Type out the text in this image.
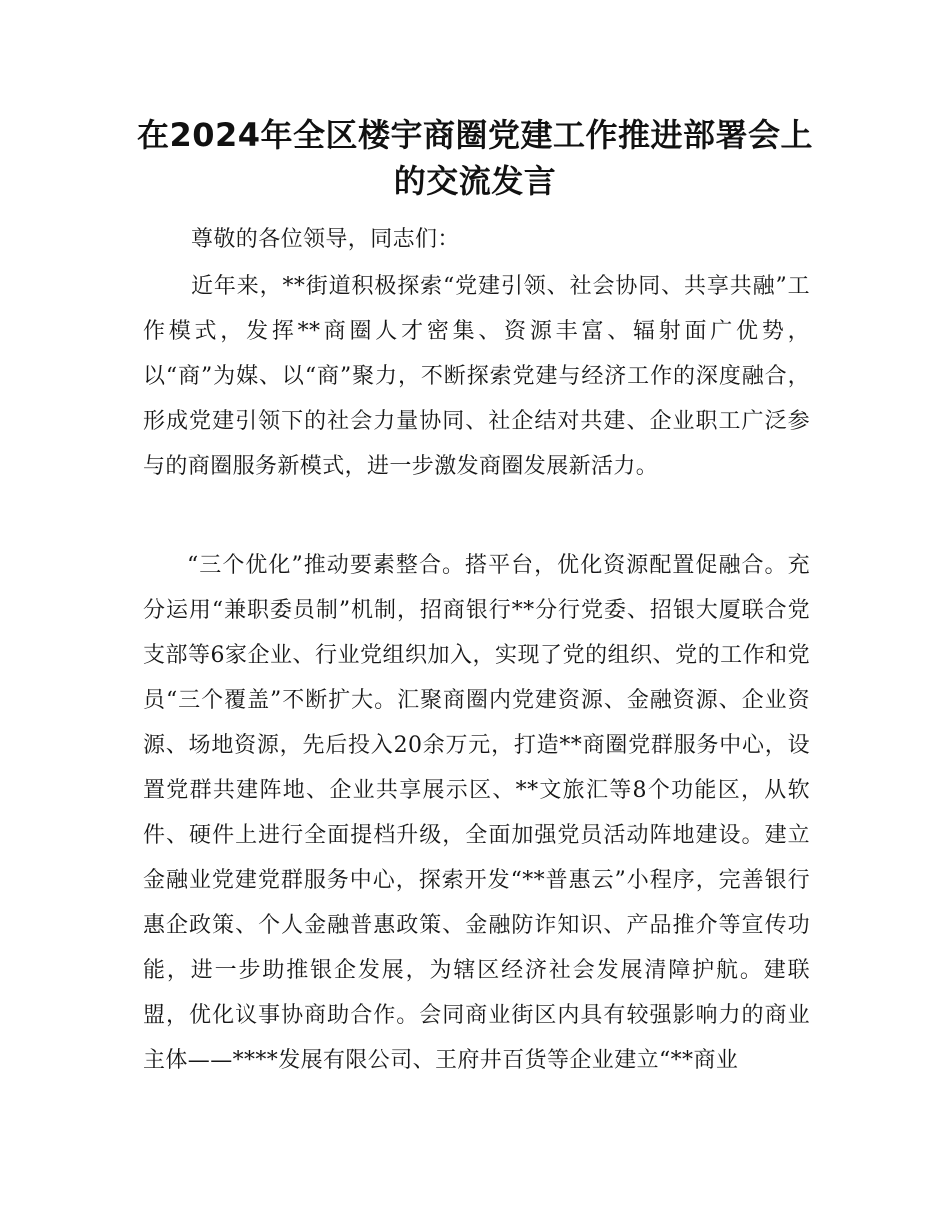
在2024年全区楼宇商圈党建工作推进部署会上
的交流发言
尊敬的各位领导，同志们：
近年来，**街道积极探索“党建引领、社会协同、共享共融”工作模式，发挥**商圈人才密集、资源丰富、辐射面广优势，以“商”为媒、以“商”聚力，不断探索党建与经济工作的深度融合，形成党建引领下的社会力量协同、社企结对共建、企业职工广泛参与的商圈服务新模式，进一步激发商圈发展新活力。
“三个优化”推动要素整合。搭平台，优化资源配置促融合。充分运用“兼职委员制”机制，招商银行**分行党委、招银大厦联合党支部等6家企业、行业党组织加入，实现了党的组织、党的工作和党员“三个覆盖”不断扩大。汇聚商圈内党建资源、金融资源、企业资源、场地资源，先后投入20余万元，打造**商圈党群服务中心，设置党群共建阵地、企业共享展示区、**文旅汇等8个功能区，从软件、硬件上进行全面提档升级，全面加强党员活动阵地建设。建立金融业党建党群服务中心，探索开发“**普惠云”小程序，完善银行惠企政策、个人金融普惠政策、金融防诈知识、产品推介等宣传功能，进一步助推银企发展，为辖区经济社会发展清障护航。建联盟，优化议事协商助合作。会同商业街区内具有较强影响力的商业主体——****发展有限公司、王府井百货等企业建立“**商业
